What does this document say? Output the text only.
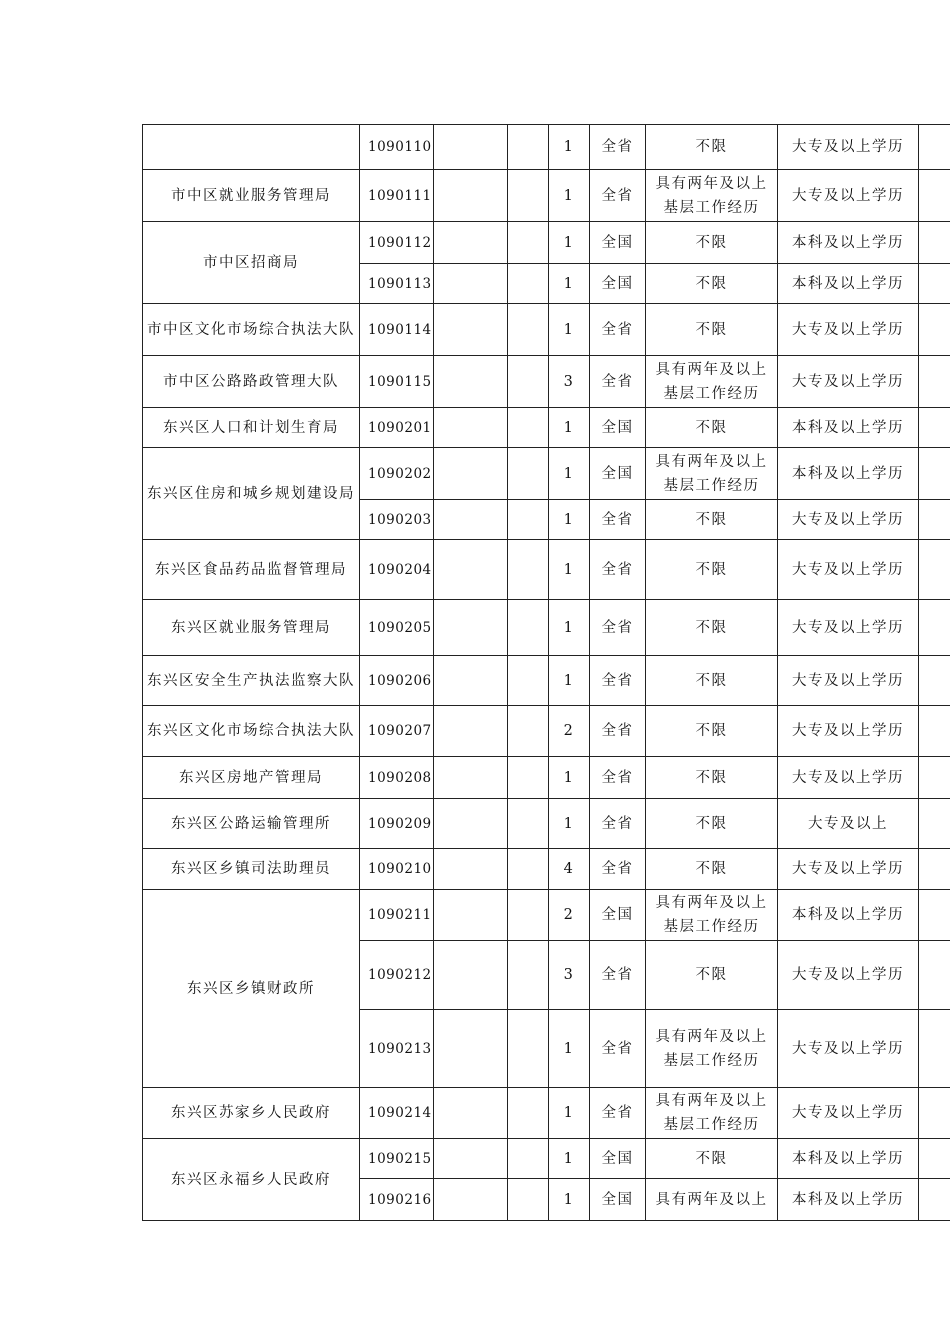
	1090110			1	全省	不限	大专及以上学历	
市中区就业服务管理局	1090111			1	全省	具有两年及以上基层工作经历	大专及以上学历	
市中区招商局	1090112			1	全国	不限	本科及以上学历	
	1090113			1	全国	不限	本科及以上学历	
市中区文化市场综合执法大队	1090114			1	全省	不限	大专及以上学历	
市中区公路路政管理大队	1090115			3	全省	具有两年及以上基层工作经历	大专及以上学历	
东兴区人口和计划生育局	1090201			1	全国	不限	本科及以上学历	
东兴区住房和城乡规划建设局	1090202			1	全国	具有两年及以上基层工作经历	本科及以上学历	
	1090203			1	全省	不限	大专及以上学历	
东兴区食品药品监督管理局	1090204			1	全省	不限	大专及以上学历	
东兴区就业服务管理局	1090205			1	全省	不限	大专及以上学历	
东兴区安全生产执法监察大队	1090206			1	全省	不限	大专及以上学历	
东兴区文化市场综合执法大队	1090207			2	全省	不限	大专及以上学历	
东兴区房地产管理局	1090208			1	全省	不限	大专及以上学历	
东兴区公路运输管理所	1090209			1	全省	不限	大专及以上	
东兴区乡镇司法助理员	1090210			4	全省	不限	大专及以上学历	
东兴区乡镇财政所	1090211			2	全国	具有两年及以上基层工作经历	本科及以上学历	
	1090212			3	全省	不限	大专及以上学历	
	1090213			1	全省	具有两年及以上基层工作经历	大专及以上学历	
东兴区苏家乡人民政府	1090214			1	全省	具有两年及以上基层工作经历	大专及以上学历	
东兴区永福乡人民政府	1090215			1	全国	不限	本科及以上学历	
	1090216			1	全国	具有两年及以上	本科及以上学历	
